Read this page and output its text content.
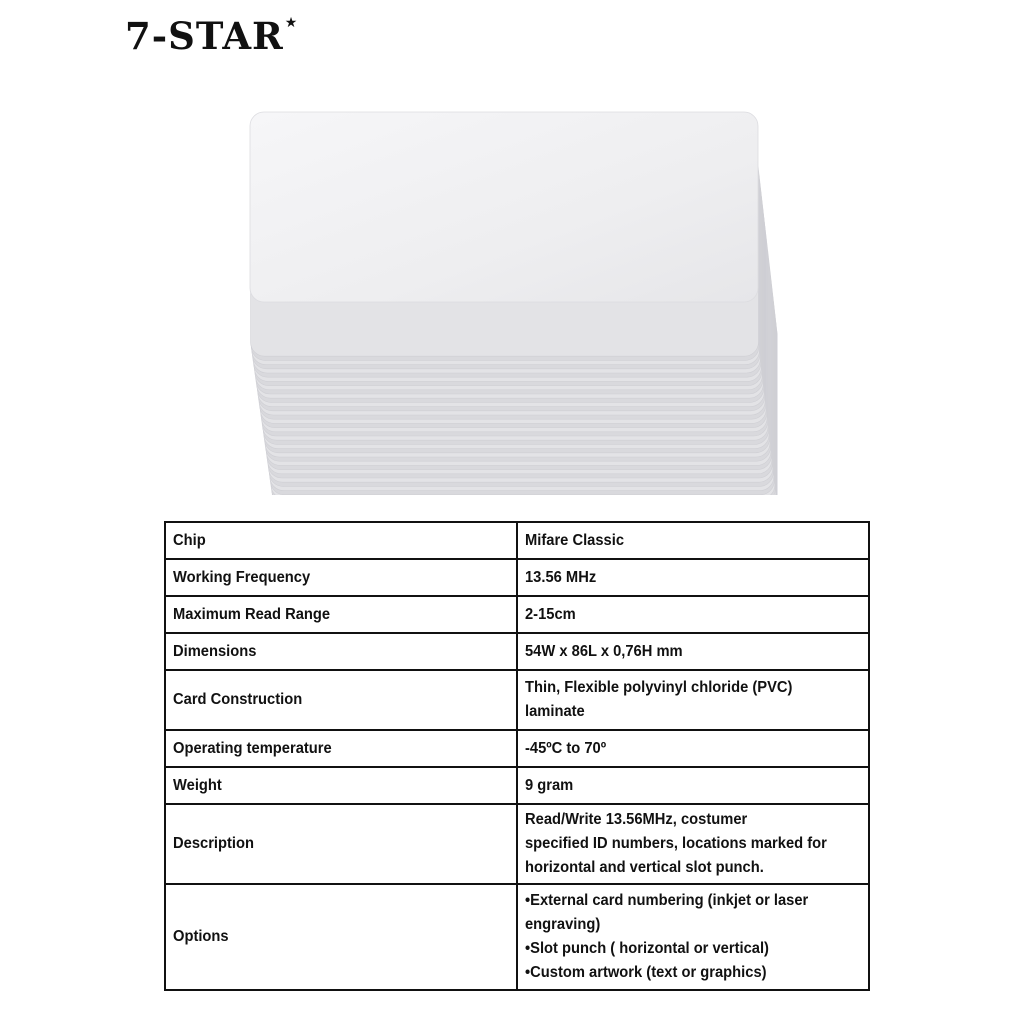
7-STAR ★
Chip	Mifare Classic
Working Frequency	13.56 MHz
Maximum Read Range	2-15cm
Dimensions	54W x 86L x 0,76H mm
Card Construction	Thin, Flexible polyvinyl chloride (PVC)
laminate
Operating temperature	-45ºC to 70º
Weight	9 gram
Description	Read/Write 13.56MHz, costumer
specified ID numbers, locations marked for
horizontal and vertical slot punch.
Options	•External card numbering (inkjet or laser
engraving)
•Slot punch ( horizontal or vertical)
•Custom artwork (text or graphics)
